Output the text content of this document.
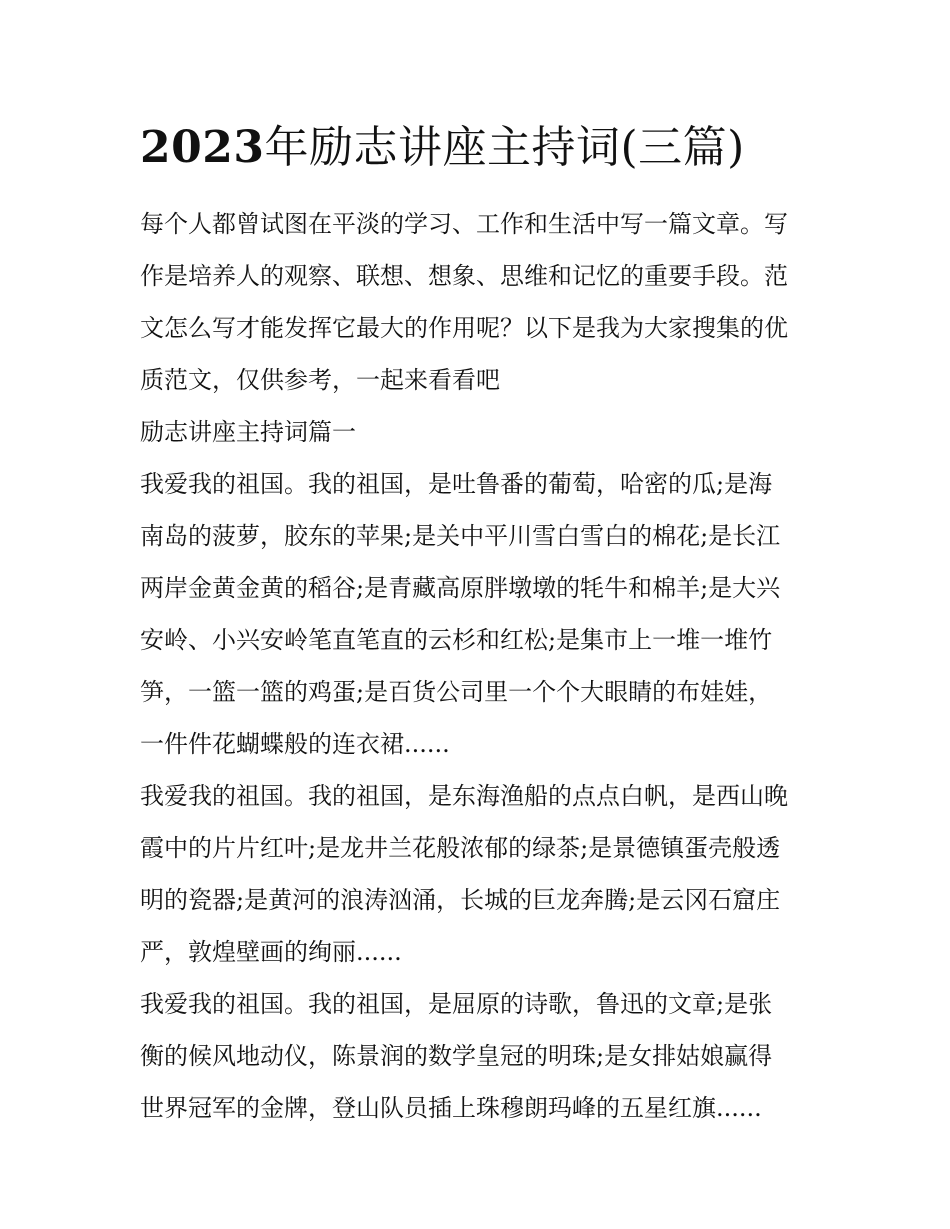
2023年励志讲座主持词(三篇)

每个人都曾试图在平淡的学习、工作和生活中写一篇文章。写

作是培养人的观察、联想、想象、思维和记忆的重要手段。范

文怎么写才能发挥它最大的作用呢？以下是我为大家搜集的优

质范文，仅供参考，一起来看看吧

励志讲座主持词篇一

我爱我的祖国。我的祖国，是吐鲁番的葡萄，哈密的瓜;是海

南岛的菠萝，胶东的苹果;是关中平川雪白雪白的棉花;是长江

两岸金黄金黄的稻谷;是青藏高原胖墩墩的牦牛和棉羊;是大兴

安岭、小兴安岭笔直笔直的云杉和红松;是集市上一堆一堆竹

笋，一篮一篮的鸡蛋;是百货公司里一个个大眼睛的布娃娃，

一件件花蝴蝶般的连衣裙......

我爱我的祖国。我的祖国，是东海渔船的点点白帆，是西山晚

霞中的片片红叶;是龙井兰花般浓郁的绿茶;是景德镇蛋壳般透

明的瓷器;是黄河的浪涛汹涌，长城的巨龙奔腾;是云冈石窟庄

严，敦煌壁画的绚丽......

我爱我的祖国。我的祖国，是屈原的诗歌，鲁迅的文章;是张

衡的候风地动仪，陈景润的数学皇冠的明珠;是女排姑娘赢得

世界冠军的金牌，登山队员插上珠穆朗玛峰的五星红旗......
